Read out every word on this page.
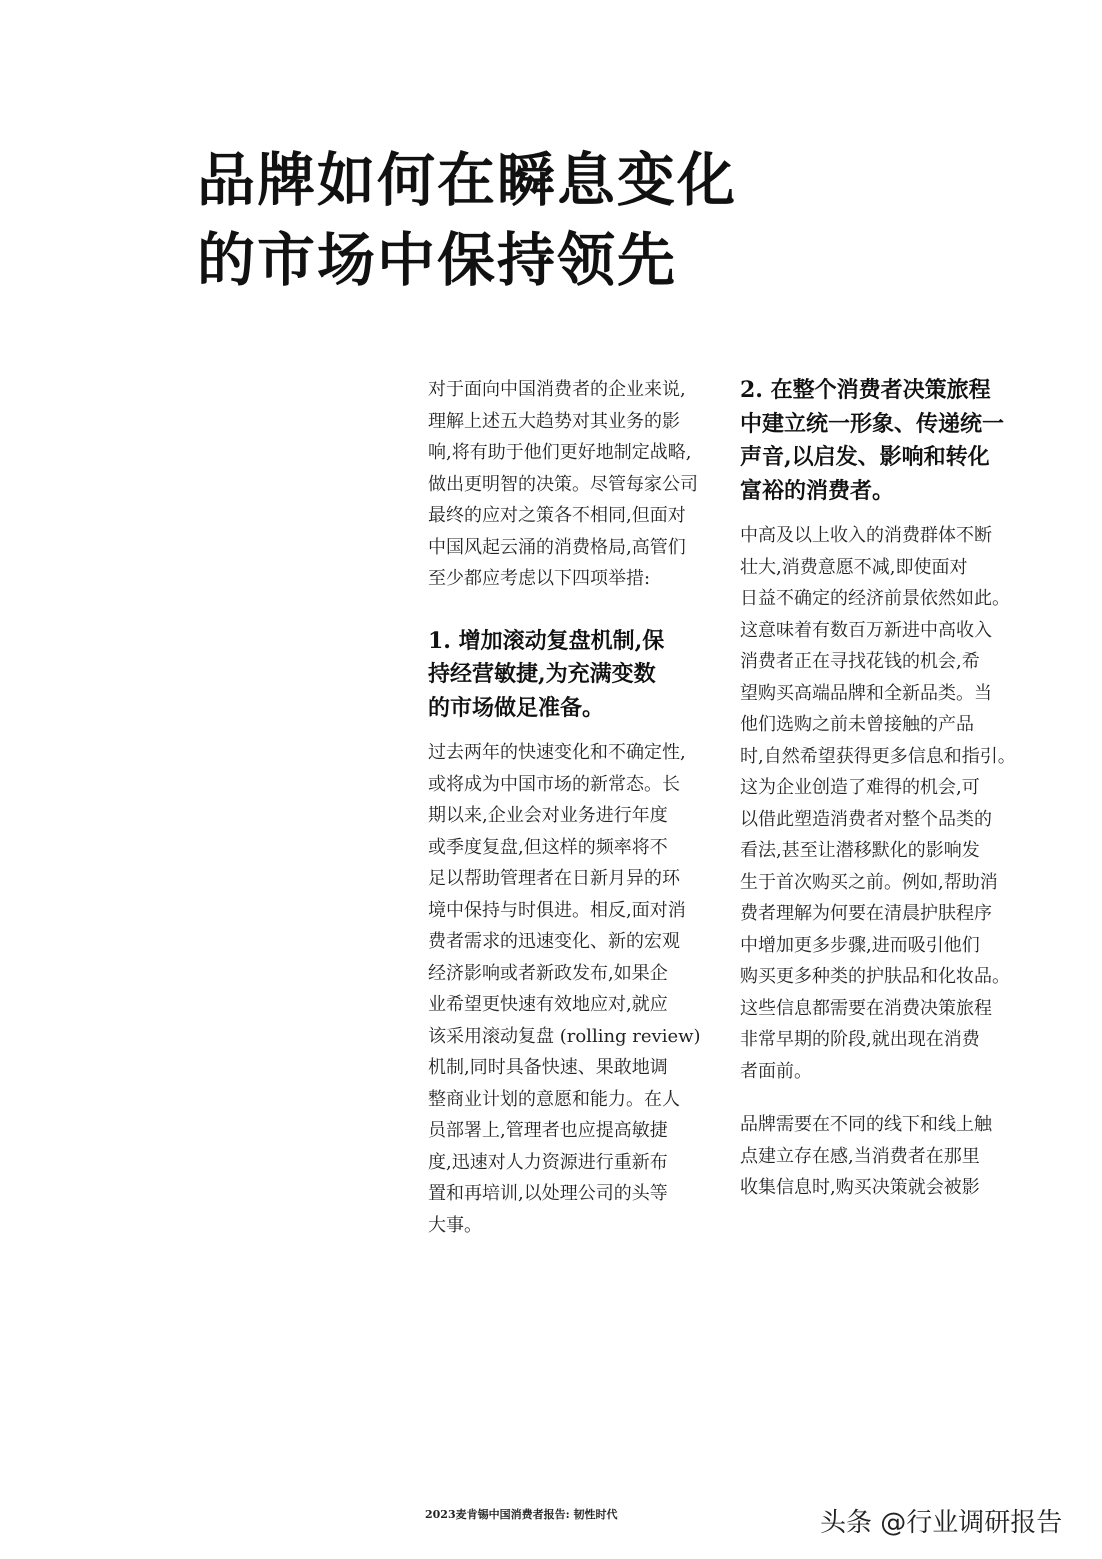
品牌如何在瞬息变化
的市场中保持领先
对于面向中国消费者的企业来说,
理解上述五大趋势对其业务的影
响,将有助于他们更好地制定战略,
做出更明智的决策。尽管每家公司
最终的应对之策各不相同,但面对
中国风起云涌的消费格局,高管们
至少都应考虑以下四项举措:
1. 增加滚动复盘机制,保
持经营敏捷,为充满变数
的市场做足准备。
过去两年的快速变化和不确定性,
或将成为中国市场的新常态。长
期以来,企业会对业务进行年度
或季度复盘,但这样的频率将不
足以帮助管理者在日新月异的环
境中保持与时俱进。相反,面对消
费者需求的迅速变化、新的宏观
经济影响或者新政发布,如果企
业希望更快速有效地应对,就应
该采用滚动复盘 (rolling review)
机制,同时具备快速、果敢地调
整商业计划的意愿和能力。在人
员部署上,管理者也应提高敏捷
度,迅速对人力资源进行重新布
置和再培训,以处理公司的头等
大事。
2. 在整个消费者决策旅程
中建立统一形象、传递统一
声音,以启发、影响和转化
富裕的消费者。
中高及以上收入的消费群体不断
壮大,消费意愿不减,即使面对
日益不确定的经济前景依然如此。
这意味着有数百万新进中高收入
消费者正在寻找花钱的机会,希
望购买高端品牌和全新品类。当
他们选购之前未曾接触的产品
时,自然希望获得更多信息和指引。
这为企业创造了难得的机会,可
以借此塑造消费者对整个品类的
看法,甚至让潜移默化的影响发
生于首次购买之前。例如,帮助消
费者理解为何要在清晨护肤程序
中增加更多步骤,进而吸引他们
购买更多种类的护肤品和化妆品。
这些信息都需要在消费决策旅程
非常早期的阶段,就出现在消费
者面前。
品牌需要在不同的线下和线上触
点建立存在感,当消费者在那里
收集信息时,购买决策就会被影
2023麦肯锡中国消费者报告: 韧性时代	头条 @行业调研报告
